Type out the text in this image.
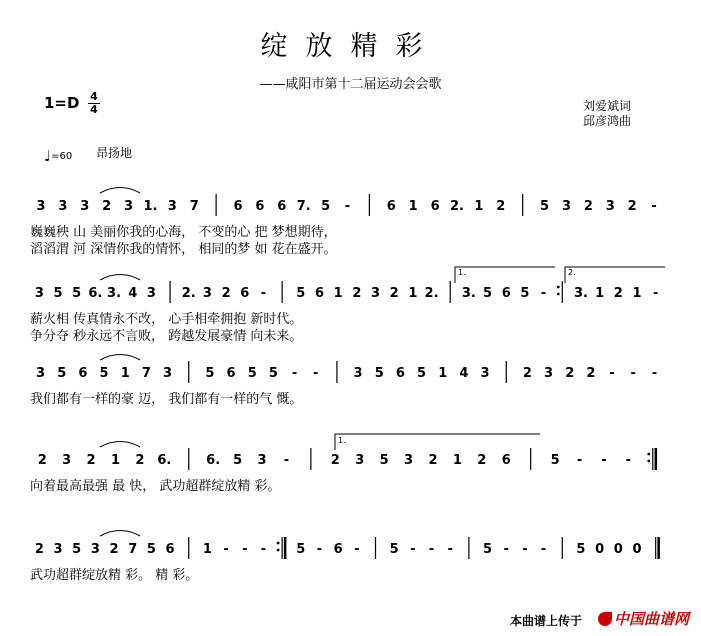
绽放精彩
——咸阳市第十二届运动会会歌
1=D 4
4	刘爱斌词
邱彦鸿曲
♩=60 昂扬地
3 3 3 2 3 1. 3 7	6 6 6 7. 5 -	6 1 6 2. 1 2	5 3 2 3 2 -
巍巍秧 山 美丽你我的心海， 不变的心 把 梦想期待，
滔滔渭 河 深情你我的情怀， 相同的梦 如 花在盛开。
3 5 5 6. 3. 4 3 2. 3 2 6 - 5 6 1 2 3 2 1 2. 3. 5 6 5 - 3. 1 2 1 -
薪火相 传真情永不改， 心手相牵拥抱 新时代。
争分夺 秒永远不言败， 跨越发展豪情 向未来。
3 5 6 5 1 7 3	5 6 5 5 - -	3 5 6 5 1 4 3	2 3 2 2 - - -
我们都有一样的豪 迈， 我们都有一样的气 慨。
2 3 2 1 2 6.	6. 5 3 -	2 3 5 3 2 1 2 6	5 - - -
向着最高最强 最 快， 武功超群绽放精 彩。
2 3 5 3 2 7 5 6 1 - - - 5 - 6 - 5 - - - 5 - - - 5 0 0 0
武功超群绽放精 彩。 精 彩。
1.	2.
1.
本曲谱上传于	中国曲谱网
